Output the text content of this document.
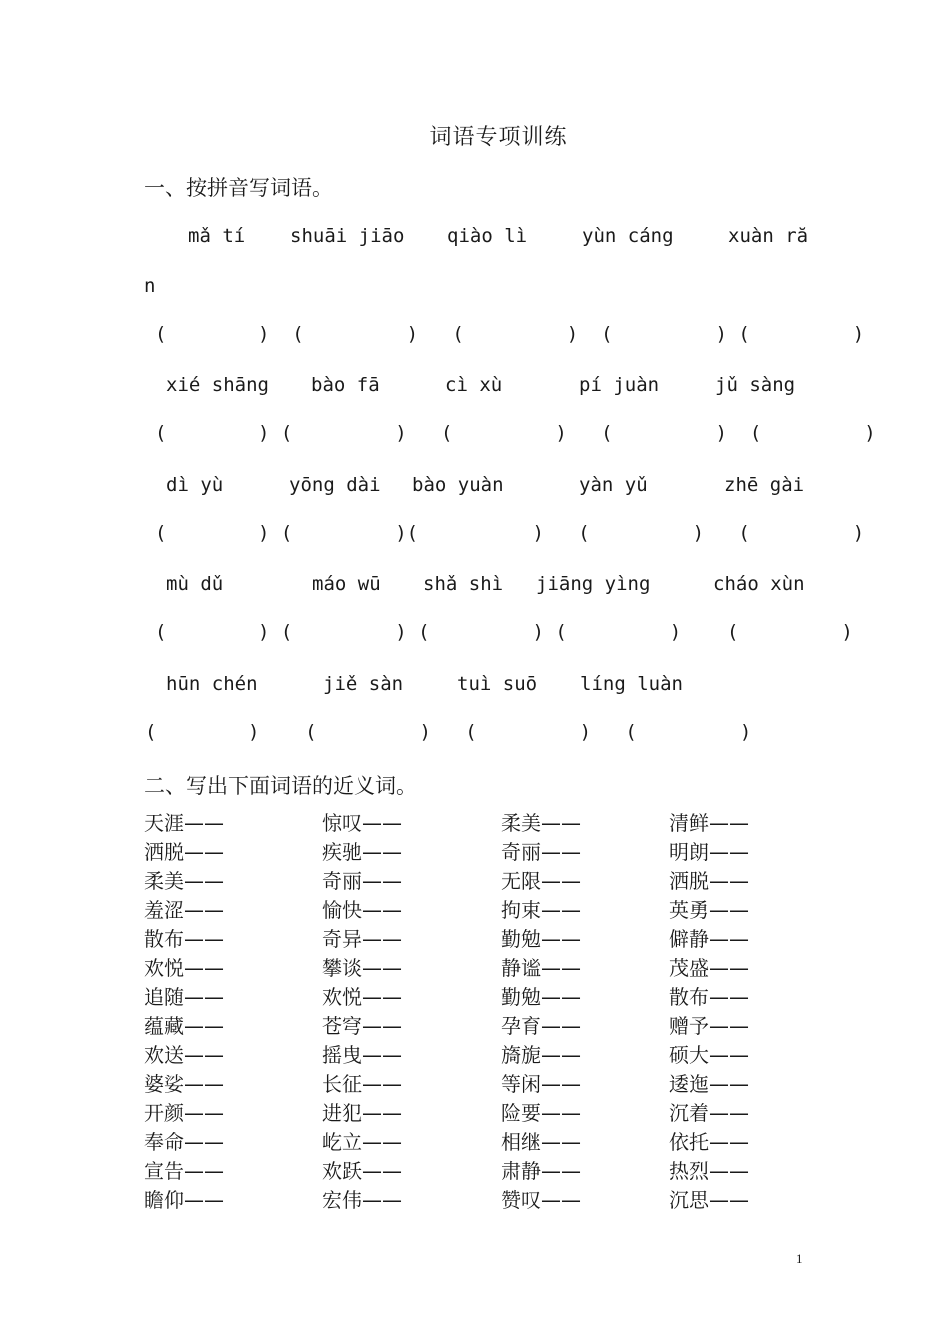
词语专项训练
一、按拼音写词语。
mǎ tí shuāi jiāo qiào lì	yùn cáng	xuàn ră
n
(        )  (         )   (         )  (         ) (         )
xié shāng bào fā	cì xù	pí juàn	jǔ sàng
(        ) (         )   (         )   (         )  (         )
dì yù	yōng dài bào yuàn	yàn yǔ	zhē gài
(        ) (         )(          )   (         )   (         )
mù dǔ	máo wū shǎ shì jiāng yìng	cháo xùn
(        ) (         ) (         ) (         )    (         )
hūn chén	jiě sàn	tuì suō líng luàn
(        )    (         )   (         )   (         )
二、写出下面词语的近义词。
天涯——	惊叹——	柔美——	清鲜——
洒脱——	疾驰——	奇丽——	明朗——
柔美——	奇丽——	无限——	洒脱——
羞涩——	愉快——	拘束——	英勇——
散布——	奇异——	勤勉——	僻静——
欢悦——	攀谈——	静谧——	茂盛——
追随——	欢悦——	勤勉——	散布——
蕴藏——	苍穹——	孕育——	赠予——
欢送——	摇曳——	旖旎——	硕大——
婆娑——	长征——	等闲——	逶迤——
开颜——	进犯——	险要——	沉着——
奉命——	屹立——	相继——	依托——
宣告——	欢跃——	肃静——	热烈——
瞻仰——	宏伟——	赞叹——	沉思——
1
